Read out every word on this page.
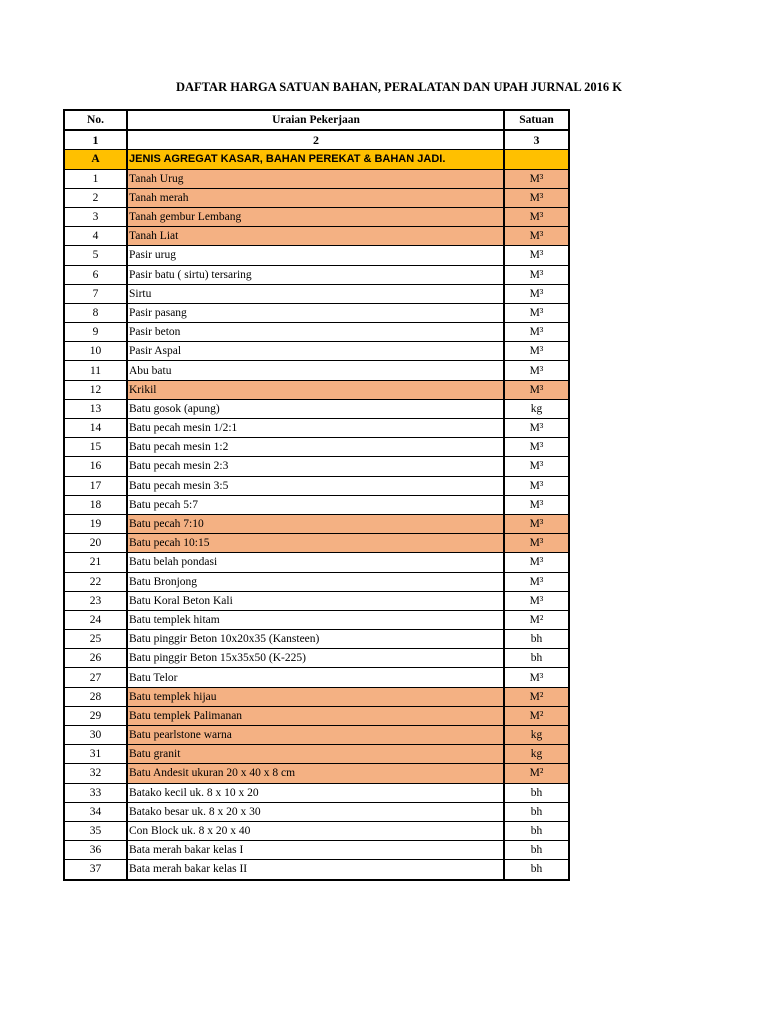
DAFTAR HARGA SATUAN BAHAN, PERALATAN DAN UPAH JURNAL 2016 K
No.	Uraian Pekerjaan	Satuan
1	2	3
A	JENIS AGREGAT KASAR, BAHAN PEREKAT & BAHAN JADI.	
1	Tanah Urug	M³
2	Tanah merah	M³
3	Tanah gembur Lembang	M³
4	Tanah Liat	M³
5	Pasir urug	M³
6	Pasir batu ( sirtu) tersaring	M³
7	Sirtu	M³
8	Pasir pasang	M³
9	Pasir beton	M³
10	Pasir Aspal	M³
11	Abu batu	M³
12	Krikil	M³
13	Batu gosok (apung)	kg
14	Batu pecah mesin 1/2:1	M³
15	Batu pecah mesin 1:2	M³
16	Batu pecah mesin 2:3	M³
17	Batu pecah mesin 3:5	M³
18	Batu pecah 5:7	M³
19	Batu pecah 7:10	M³
20	Batu pecah 10:15	M³
21	Batu belah pondasi	M³
22	Batu Bronjong	M³
23	Batu Koral Beton Kali	M³
24	Batu templek hitam	M²
25	Batu pinggir Beton 10x20x35 (Kansteen)	bh
26	Batu pinggir Beton 15x35x50 (K-225)	bh
27	Batu Telor	M³
28	Batu templek hijau	M²
29	Batu templek Palimanan	M²
30	Batu pearlstone warna	kg
31	Batu granit	kg
32	Batu Andesit ukuran 20 x 40 x 8 cm	M²
33	Batako kecil uk. 8 x 10 x 20	bh
34	Batako besar uk. 8 x 20 x 30	bh
35	Con Block uk. 8 x 20 x 40	bh
36	Bata merah bakar kelas I	bh
37	Bata merah bakar kelas II	bh
